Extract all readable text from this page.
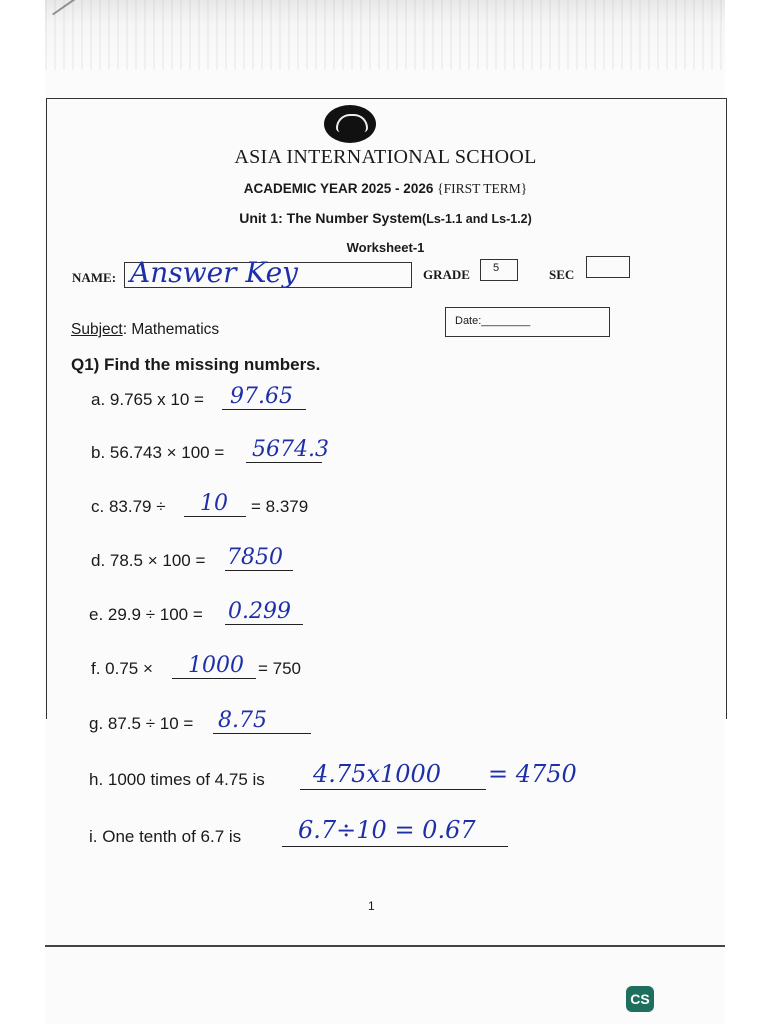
ASIA INTERNATIONAL SCHOOL
ACADEMIC YEAR 2025 - 2026 {FIRST TERM}
Unit 1: The Number System(Ls-1.1 and Ls-1.2)
Worksheet-1
NAME: Answer Key	GRADE 5	SEC
Subject: Mathematics	Date:________
Q1) Find the missing numbers.
a. 9.765 x 10 = 97.65
b. 56.743 × 100 = 5674.3
c. 83.79 ÷ 10 = 8.379
d. 78.5 × 100 = 7850
e. 29.9 ÷ 100 = 0.299
f. 0.75 × 1000 = 750
g. 87.5 ÷ 10 = 8.75
h. 1000 times of 4.75 is 4.75x1000 = 4750
i. One tenth of 6.7 is 6.7÷10 = 0.67
1
CS
